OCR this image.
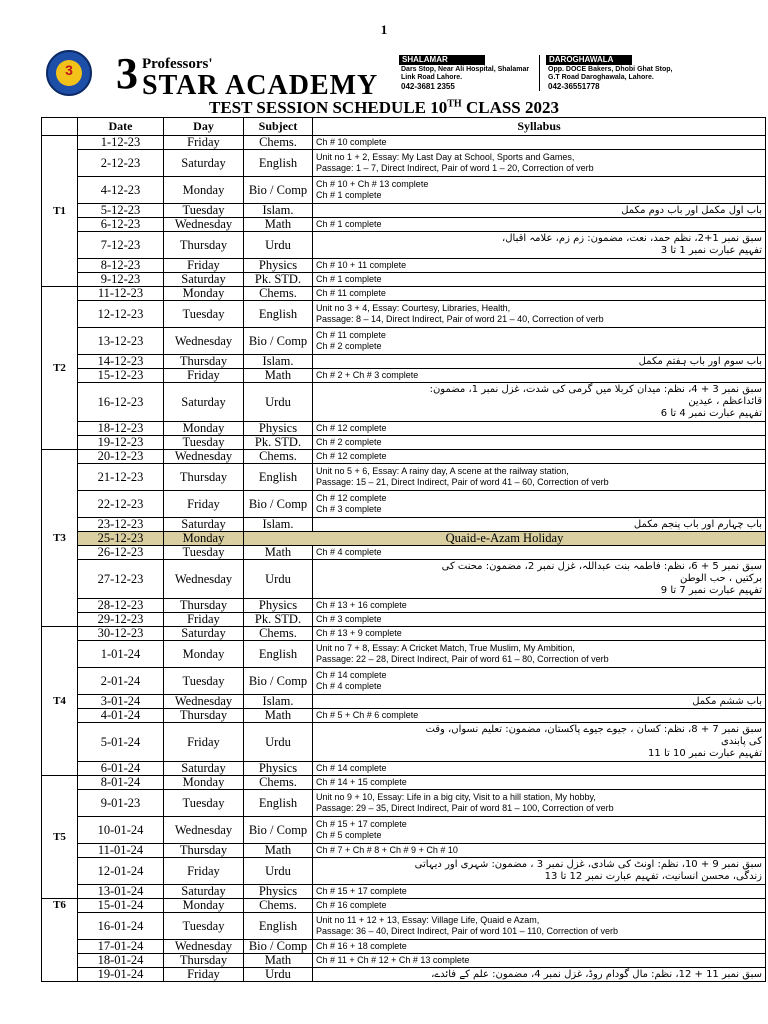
1
3 3 Professors'
STAR ACADEMY
SHALAMAR
Dars Stop, Near Ali Hospital, Shalamar Link Road Lahore.
042-3681 2355
DAROGHAWALA
Opp. DOCE Bakers, Dhobi Ghat Stop, G.T Road Daroghawala, Lahore.
042-36551778
TEST SESSION SCHEDULE 10TH CLASS 2023
	Date	Day	Subject	Syllabus
T1	1-12-23	Friday	Chems.	Ch # 10 complete

	2-12-23	Saturday	English	Unit no 1 + 2, Essay: My Last Day at School, Sports and Games,
Passage: 1 – 7, Direct Indirect, Pair of word 1 – 20, Correction of verb

	4-12-23	Monday	Bio / Comp	Ch # 10 + Ch # 13 complete
Ch # 1 complete

	5-12-23	Tuesday	Islam.	باب اول مکمل اور باب دوم مکمل

	6-12-23	Wednesday	Math	Ch # 1 complete

	7-12-23	Thursday	Urdu	سبق نمبر 1+2، نظم حمد، نعت، مضمون: زم زم، علامہ اقبال،
تفہیم عبارت نمبر 1 تا 3

	8-12-23	Friday	Physics	Ch # 10 + 11 complete

	9-12-23	Saturday	Pk. STD.	Ch # 1 complete

T2	11-12-23	Monday	Chems.	Ch # 11 complete

	12-12-23	Tuesday	English	Unit no 3 + 4, Essay: Courtesy, Libraries, Health,
Passage: 8 – 14, Direct Indirect, Pair of word 21 – 40, Correction of verb

	13-12-23	Wednesday	Bio / Comp	Ch # 11 complete
Ch # 2 complete

	14-12-23	Thursday	Islam.	باب سوم اور باب ہفتم مکمل

	15-12-23	Friday	Math	Ch # 2 + Ch # 3 complete

	16-12-23	Saturday	Urdu	سبق نمبر 3 + 4، نظم: میدان کربلا میں گرمی کی شدت، غزل نمبر 1، مضمون:
قائداعظم ، عیدین
تفہیم عبارت نمبر 4 تا 6

	18-12-23	Monday	Physics	Ch # 12 complete

	19-12-23	Tuesday	Pk. STD.	Ch # 2 complete

T3	20-12-23	Wednesday	Chems.	Ch # 12 complete

	21-12-23	Thursday	English	Unit no 5 + 6, Essay: A rainy day, A scene at the railway station,
Passage: 15 – 21, Direct Indirect, Pair of word 41 – 60, Correction of verb

	22-12-23	Friday	Bio / Comp	Ch # 12 complete
Ch # 3 complete

	23-12-23	Saturday	Islam.	باب چہارم اور باب پنجم مکمل

	25-12-23	Monday	Quaid-e-Azam Holiday	
	26-12-23	Tuesday	Math	Ch # 4 complete

	27-12-23	Wednesday	Urdu	سبق نمبر 5 + 6، نظم: فاطمہ بنت عبداللہ، غزل نمبر 2، مضمون: محنت کی
برکتیں ، حب الوطن
تفہیم عبارت نمبر 7 تا 9

	28-12-23	Thursday	Physics	Ch # 13 + 16 complete

	29-12-23	Friday	Pk. STD.	Ch # 3 complete

T4	30-12-23	Saturday	Chems.	Ch # 13 + 9 complete

	1-01-24	Monday	English	Unit no 7 + 8, Essay: A Cricket Match, True Muslim, My Ambition,
Passage: 22 – 28, Direct Indirect, Pair of word 61 – 80, Correction of verb

	2-01-24	Tuesday	Bio / Comp	Ch # 14 complete
Ch # 4 complete

	3-01-24	Wednesday	Islam.	باب ششم مکمل

	4-01-24	Thursday	Math	Ch # 5 + Ch # 6 complete

	5-01-24	Friday	Urdu	سبق نمبر 7 + 8، نظم: کسان ، جیوے جیوے پاکستان، مضمون: تعلیم نسواں، وقت
کی پابندی
تفہیم عبارت نمبر 10 تا 11

	6-01-24	Saturday	Physics	Ch # 14 complete

T5	8-01-24	Monday	Chems.	Ch # 14 + 15 complete

	9-01-23	Tuesday	English	Unit no 9 + 10, Essay: Life in a big city, Visit to a hill station, My hobby,
Passage: 29 – 35, Direct Indirect, Pair of word 81 – 100, Correction of verb

	10-01-24	Wednesday	Bio / Comp	Ch # 15 + 17 complete
Ch # 5 complete

	11-01-24	Thursday	Math	Ch # 7 + Ch # 8 + Ch # 9 + Ch # 10

	12-01-24	Friday	Urdu	سبق نمبر 9 + 10، نظم: اونٹ کی شادی، غزل نمبر 3 ، مضمون: شہری اور دیہاتی
زندگی، محسن انسانیت، تفہیم عبارت نمبر 12 تا 13

	13-01-24	Saturday	Physics	Ch # 15 + 17 complete

T6	15-01-24	Monday	Chems.	Ch # 16 complete

	16-01-24	Tuesday	English	Unit no 11 + 12 + 13, Essay: Village Life, Quaid e Azam,
Passage: 36 – 40, Direct Indirect, Pair of word 101 – 110, Correction of verb

	17-01-24	Wednesday	Bio / Comp	Ch # 16 + 18 complete

	18-01-24	Thursday	Math	Ch # 11 + Ch # 12 + Ch # 13 complete

	19-01-24	Friday	Urdu	سبق نمبر 11 + 12، نظم: مال گودام روڈ، غزل نمبر 4، مضمون: علم کے فائدے،
